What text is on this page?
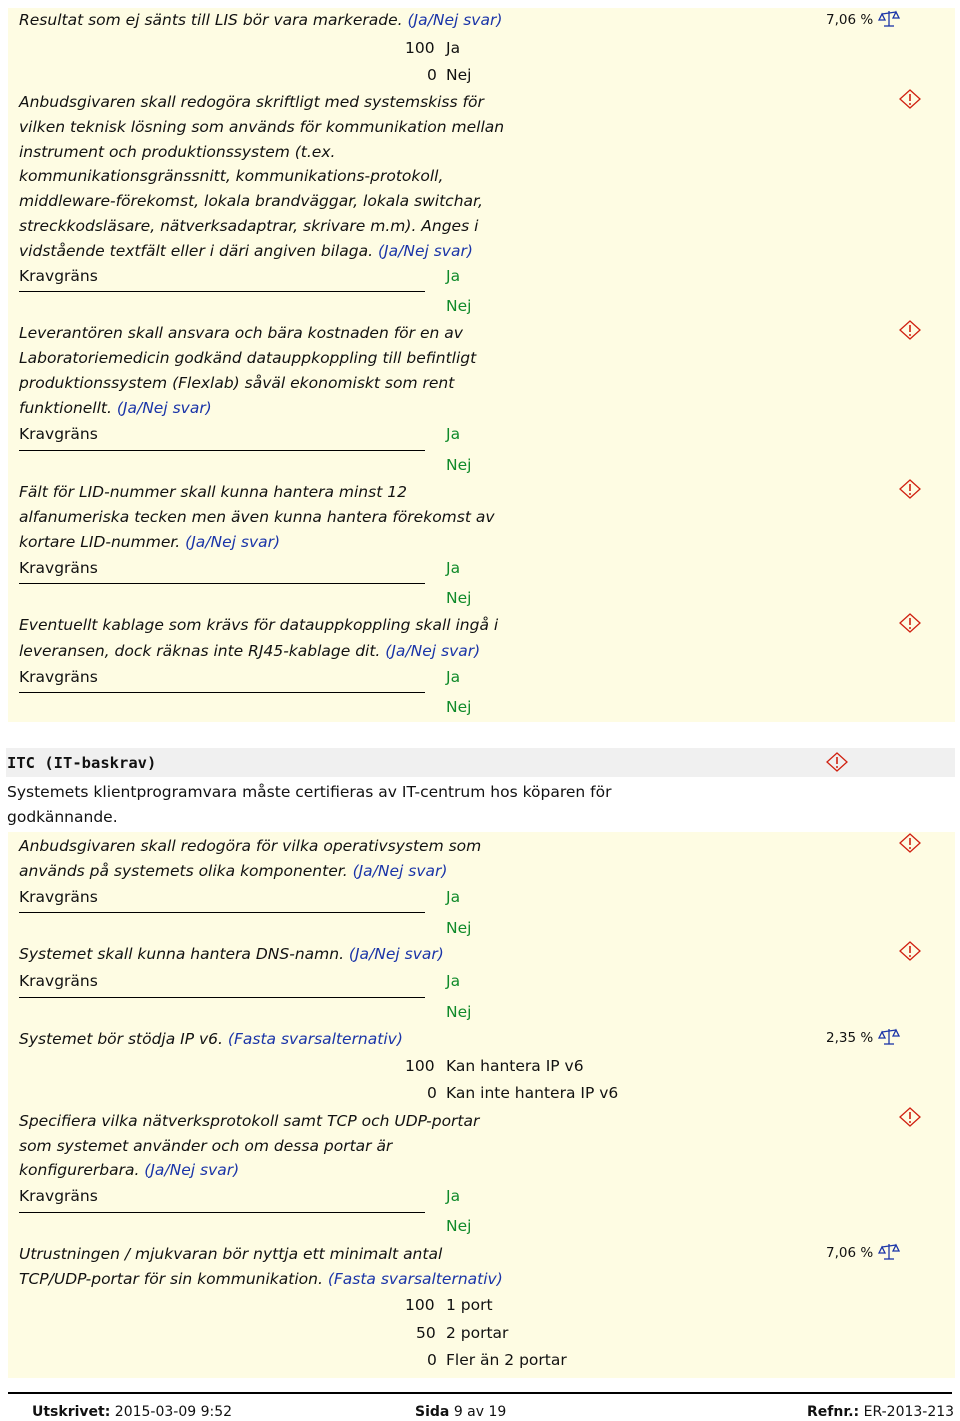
Resultat som ej sänts till LIS bör vara markerade. (Ja/Nej svar)	7,06 %
100 Ja
0 Nej
Anbudsgivaren skall redogöra skriftligt med systemskiss för
vilken teknisk lösning som används för kommunikation mellan
instrument och produktionssystem (t.ex.
kommunikationsgränssnitt, kommunikations-protokoll,
middleware-förekomst, lokala brandväggar, lokala switchar,
streckkodsläsare, nätverksadaptrar, skrivare m.m). Anges i
vidstående textfält eller i däri angiven bilaga. (Ja/Nej svar)
Kravgräns	Ja
Nej
Leverantören skall ansvara och bära kostnaden för en av
Laboratoriemedicin godkänd datauppkoppling till befintligt
produktionssystem (Flexlab) såväl ekonomiskt som rent
funktionellt. (Ja/Nej svar)
Kravgräns	Ja
Nej
Fält för LID-nummer skall kunna hantera minst 12
alfanumeriska tecken men även kunna hantera förekomst av
kortare LID-nummer. (Ja/Nej svar)
Kravgräns	Ja
Nej
Eventuellt kablage som krävs för datauppkoppling skall ingå i
leveransen, dock räknas inte RJ45-kablage dit. (Ja/Nej svar)
Kravgräns	Ja
Nej
ITC (IT-baskrav)
Systemets klientprogramvara måste certifieras av IT-centrum hos köparen för
godkännande.
Anbudsgivaren skall redogöra för vilka operativsystem som
används på systemets olika komponenter. (Ja/Nej svar)
Kravgräns	Ja
Nej
Systemet skall kunna hantera DNS-namn. (Ja/Nej svar)
Kravgräns	Ja
Nej
Systemet bör stödja IP v6. (Fasta svarsalternativ)	2,35 %
100 Kan hantera IP v6
0 Kan inte hantera IP v6
Specifiera vilka nätverksprotokoll samt TCP och UDP-portar
som systemet använder och om dessa portar är
konfigurerbara. (Ja/Nej svar)
Kravgräns	Ja
Nej
Utrustningen / mjukvaran bör nyttja ett minimalt antal
TCP/UDP-portar för sin kommunikation. (Fasta svarsalternativ)
7,06 %
100 1 port
50 2 portar
0 Fler än 2 portar
Utskrivet: 2015-03-09 9:52	Sida 9 av 19	Refnr.: ER-2013-213
